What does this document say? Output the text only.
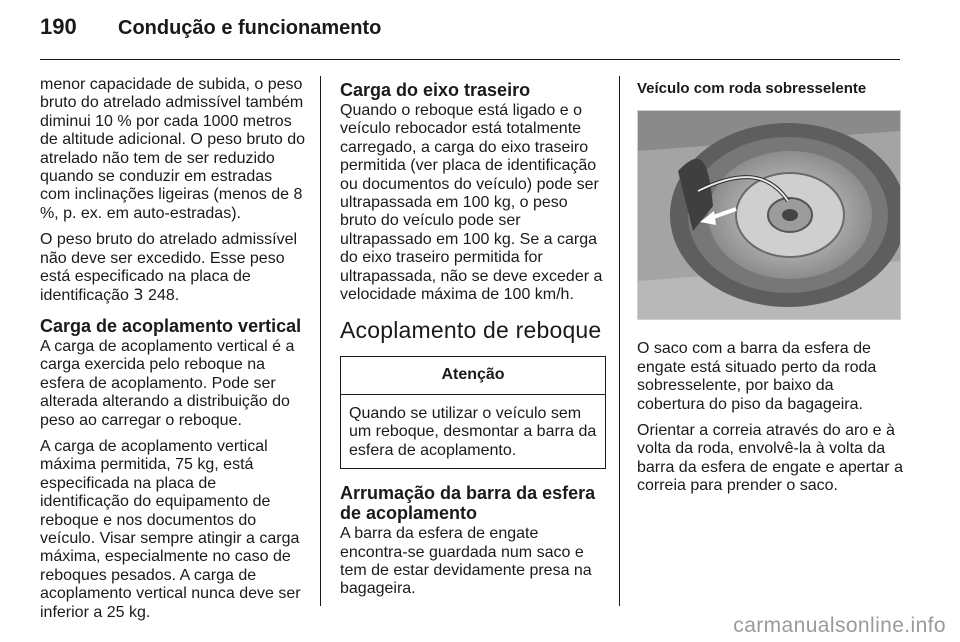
190	Condução e funcionamento

menor capacidade de subida, o peso bruto do atrelado admissível também diminui 10 % por cada 1000 metros de altitude adicional. O peso bruto do atrelado não tem de ser reduzido quando se conduzir em estradas com inclinações ligeiras (menos de 8 %, p. ex. em auto-estradas).

O peso bruto do atrelado admissível não deve ser excedido. Esse peso está especificado na placa de identificação 3 248.

Carga de acoplamento vertical

A carga de acoplamento vertical é a carga exercida pelo reboque na esfera de acoplamento. Pode ser alterada alterando a distribuição do peso ao carregar o reboque.

A carga de acoplamento vertical máxima permitida, 75 kg, está especificada na placa de identificação do equipamento de reboque e nos documentos do veículo. Visar sempre atingir a carga máxima, especialmente no caso de reboques pesados. A carga de acoplamento vertical nunca deve ser inferior a 25 kg.

Carga do eixo traseiro

Quando o reboque está ligado e o veículo rebocador está totalmente carregado, a carga do eixo traseiro permitida (ver placa de identificação ou documentos do veículo) pode ser ultrapassada em 100 kg, o peso bruto do veículo pode ser ultrapassado em 100 kg. Se a carga do eixo traseiro permitida for ultrapassada, não se deve exceder a velocidade máxima de 100 km/h.

Acoplamento de reboque
Atenção
Quando se utilizar o veículo sem um reboque, desmontar a barra da esfera de acoplamento.
Arrumação da barra da esfera de acoplamento

A barra da esfera de engate encontra-se guardada num saco e tem de estar devidamente presa na bagageira.

Veículo com roda sobresselente

O saco com a barra da esfera de engate está situado perto da roda sobresselente, por baixo da cobertura do piso da bagageira.

Orientar a correia através do aro e à volta da roda, envolvê-la à volta da barra da esfera de engate e apertar a correia para prender o saco.

carmanualsonline.info
